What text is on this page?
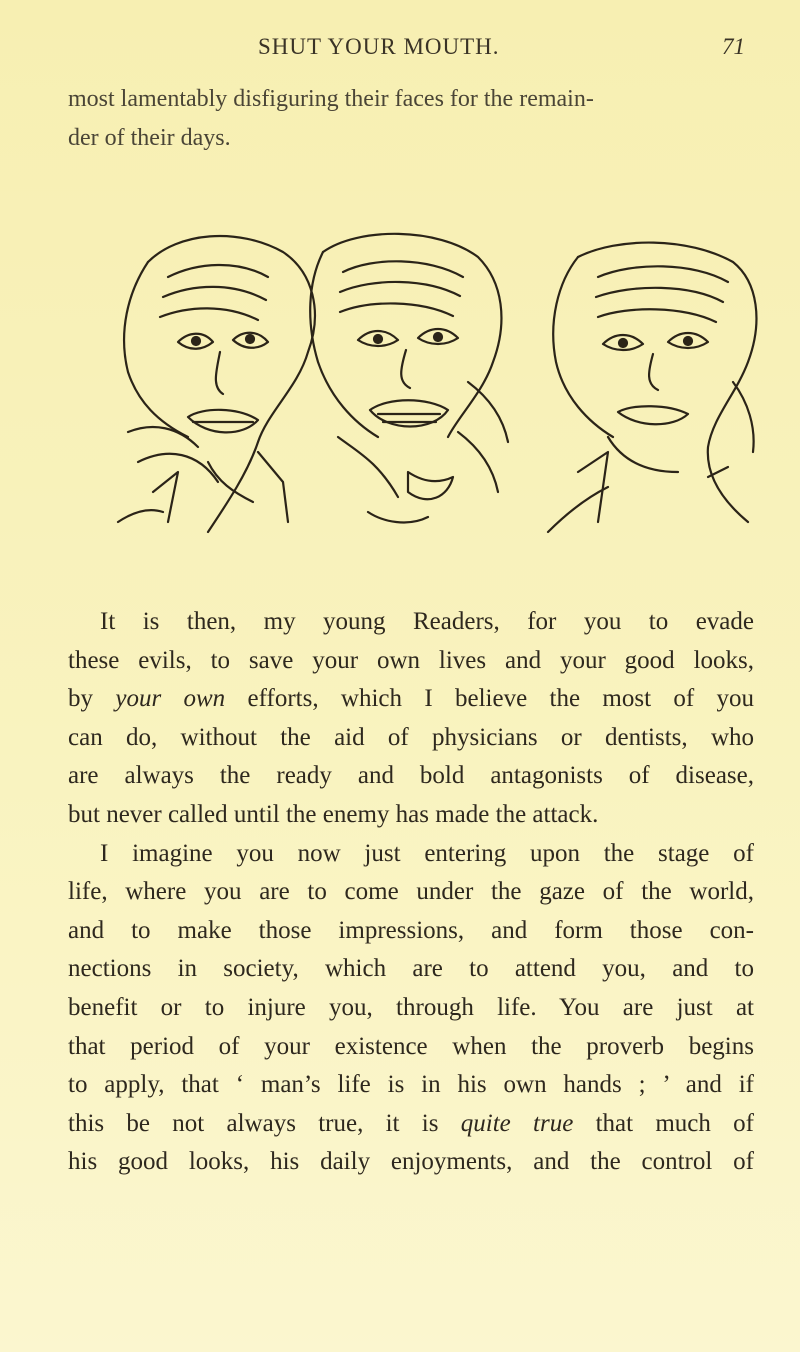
SHUT YOUR MOUTH.	71
most lamentably disfiguring their faces for the remain-
der of their days.
It is then, my young Readers, for you to evade
these evils, to save your own lives and your good looks,
by your own efforts, which I believe the most of you
can do, without the aid of physicians or dentists, who
are always the ready and bold antagonists of disease,
but never called until the enemy has made the attack.
I imagine you now just entering upon the stage of
life, where you are to come under the gaze of the world,
and to make those impressions, and form those con-
nections in society, which are to attend you, and to
benefit or to injure you, through life. You are just at
that period of your existence when the proverb begins
to apply, that ‘ man’s life is in his own hands ; ’ and if
this be not always true, it is quite true that much of
his good looks, his daily enjoyments, and the control of
